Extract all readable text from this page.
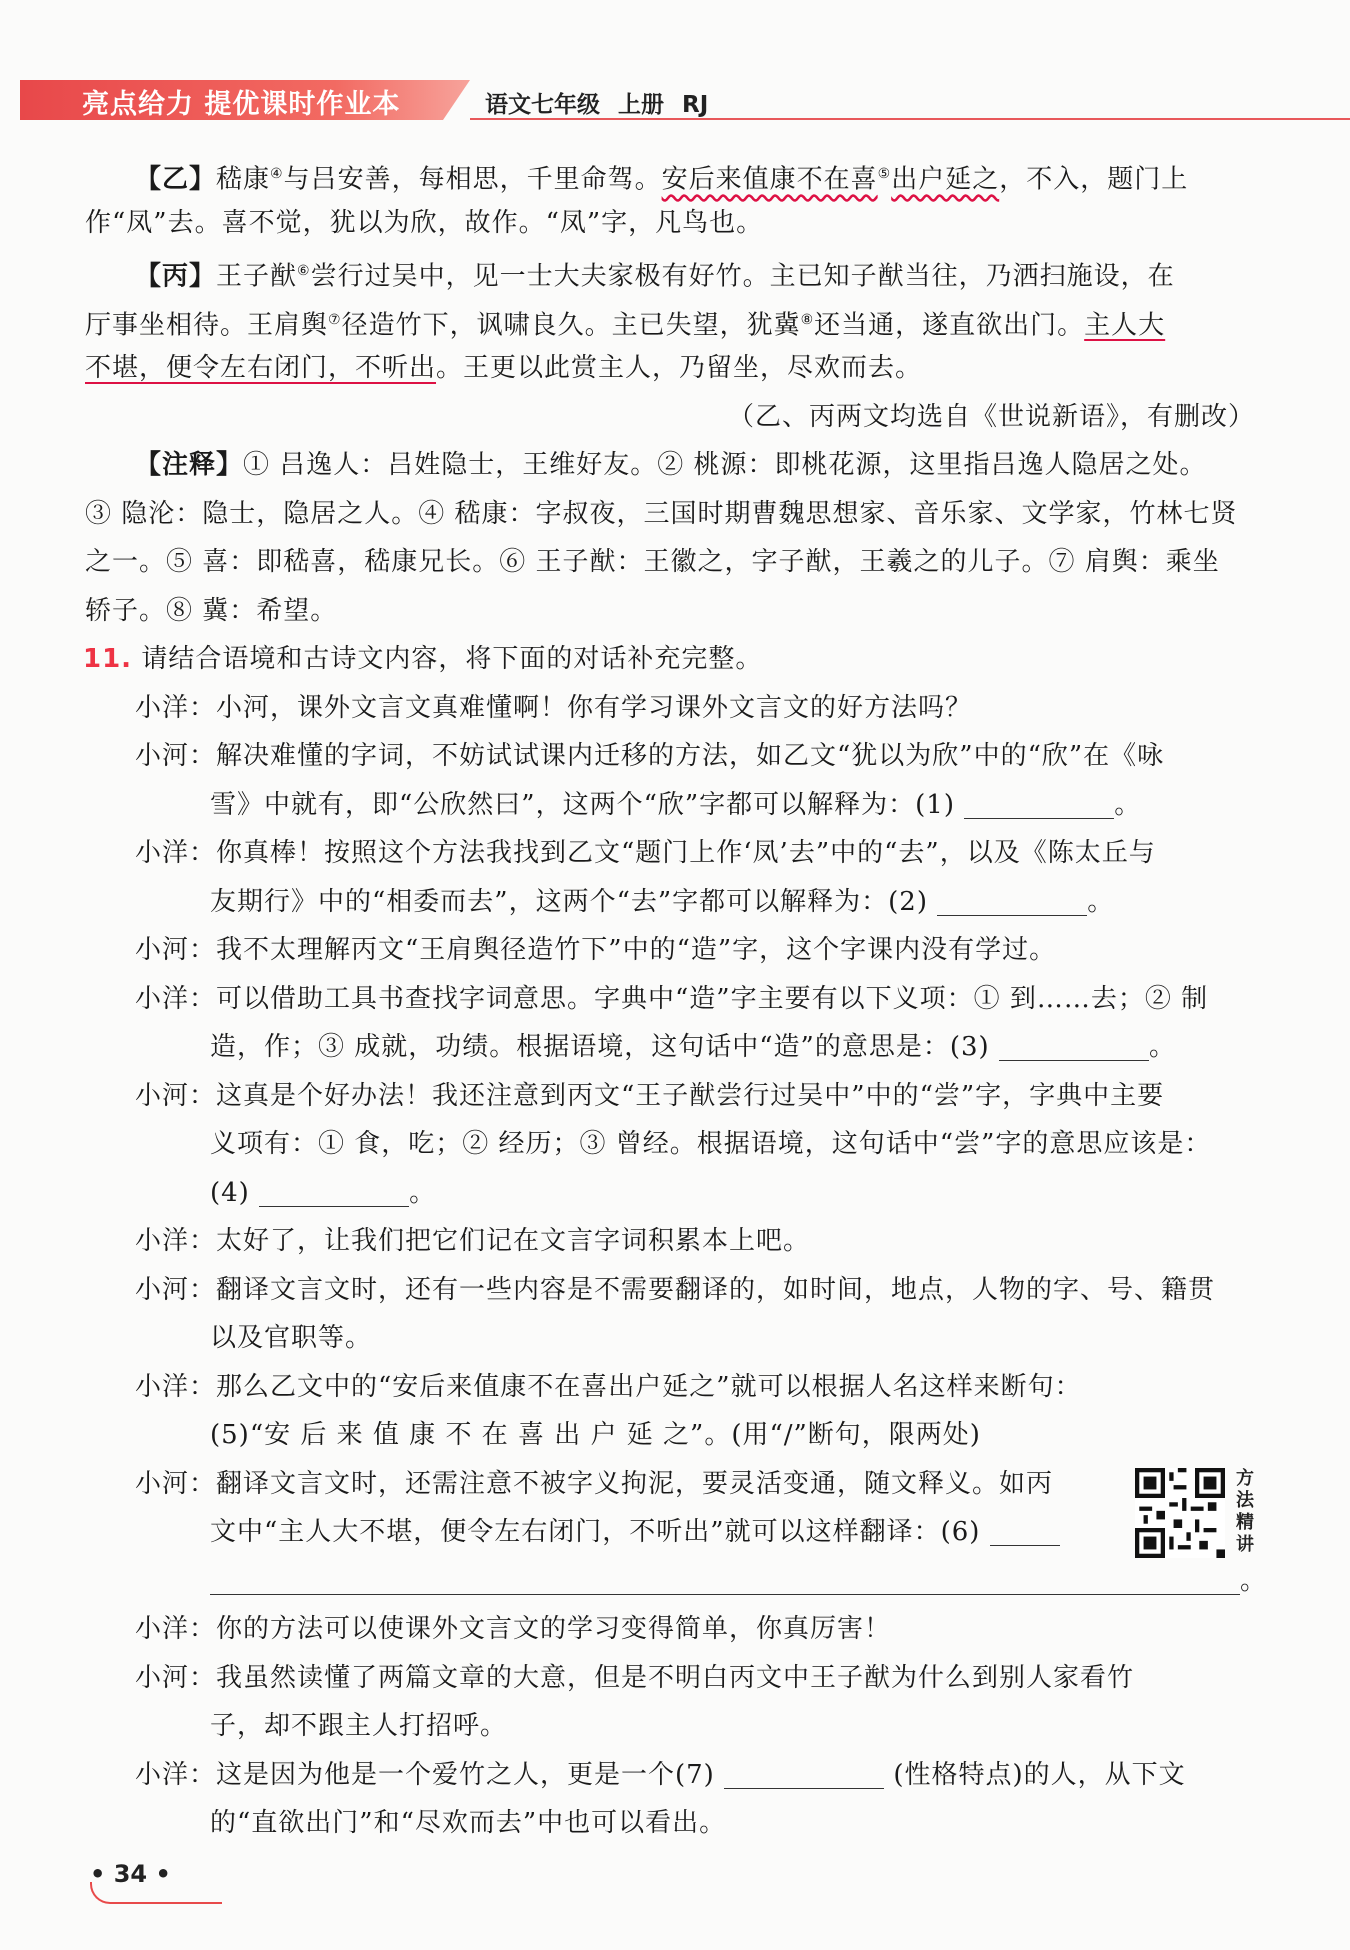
亮点给力 提优课时作业本	语文七年级 上册 RJ
【乙】嵇康④与吕安善，每相思，千里命驾。安后来值康不在喜⑤出户延之，不入，题门上
作“凤”去。喜不觉，犹以为欣，故作。“凤”字，凡鸟也。
【丙】王子猷⑥尝行过吴中，见一士大夫家极有好竹。主已知子猷当往，乃洒扫施设，在
厅事坐相待。王肩舆⑦径造竹下，讽啸良久。主已失望，犹冀⑧还当通，遂直欲出门。主人大
不堪，便令左右闭门，不听出。王更以此赏主人，乃留坐，尽欢而去。
（乙、丙两文均选自《世说新语》，有删改）
【注释】① 吕逸人：吕姓隐士，王维好友。② 桃源：即桃花源，这里指吕逸人隐居之处。
③ 隐沦：隐士，隐居之人。④ 嵇康：字叔夜，三国时期曹魏思想家、音乐家、文学家，竹林七贤
之一。⑤ 喜：即嵇喜，嵇康兄长。⑥ 王子猷：王徽之，字子猷，王羲之的儿子。⑦ 肩舆：乘坐
轿子。⑧ 冀：希望。
11. 请结合语境和古诗文内容，将下面的对话补充完整。
小洋：小河，课外文言文真难懂啊！你有学习课外文言文的好方法吗？
小河：解决难懂的字词，不妨试试课内迁移的方法，如乙文“犹以为欣”中的“欣”在《咏
雪》中就有，即“公欣然曰”，这两个“欣”字都可以解释为：(1)	。
小洋：你真棒！按照这个方法我找到乙文“题门上作‘凤’去”中的“去”，以及《陈太丘与
友期行》中的“相委而去”，这两个“去”字都可以解释为：(2)	。
小河：我不太理解丙文“王肩舆径造竹下”中的“造”字，这个字课内没有学过。
小洋：可以借助工具书查找字词意思。字典中“造”字主要有以下义项：① 到……去；② 制
造，作；③ 成就，功绩。根据语境，这句话中“造”的意思是：(3)	。
小河：这真是个好办法！我还注意到丙文“王子猷尝行过吴中”中的“尝”字，字典中主要
义项有：① 食，吃；② 经历；③ 曾经。根据语境，这句话中“尝”字的意思应该是：
(4)	。
小洋：太好了，让我们把它们记在文言字词积累本上吧。
小河：翻译文言文时，还有一些内容是不需要翻译的，如时间，地点，人物的字、号、籍贯
以及官职等。
小洋：那么乙文中的“安后来值康不在喜出户延之”就可以根据人名这样来断句：
(5)“安 后 来 值 康 不 在 喜 出 户 延 之”。(用“/”断句，限两处)
小河：翻译文言文时，还需注意不被字义拘泥，要灵活变通，随文释义。如丙
文中“主人大不堪，便令左右闭门，不听出”就可以这样翻译：(6)
。
小洋：你的方法可以使课外文言文的学习变得简单，你真厉害！
小河：我虽然读懂了两篇文章的大意，但是不明白丙文中王子猷为什么到别人家看竹
子，却不跟主人打招呼。
小洋：这是因为他是一个爱竹之人，更是一个(7)	(性格特点)的人，从下文
的“直欲出门”和“尽欢而去”中也可以看出。
方法精讲
• 34 •
